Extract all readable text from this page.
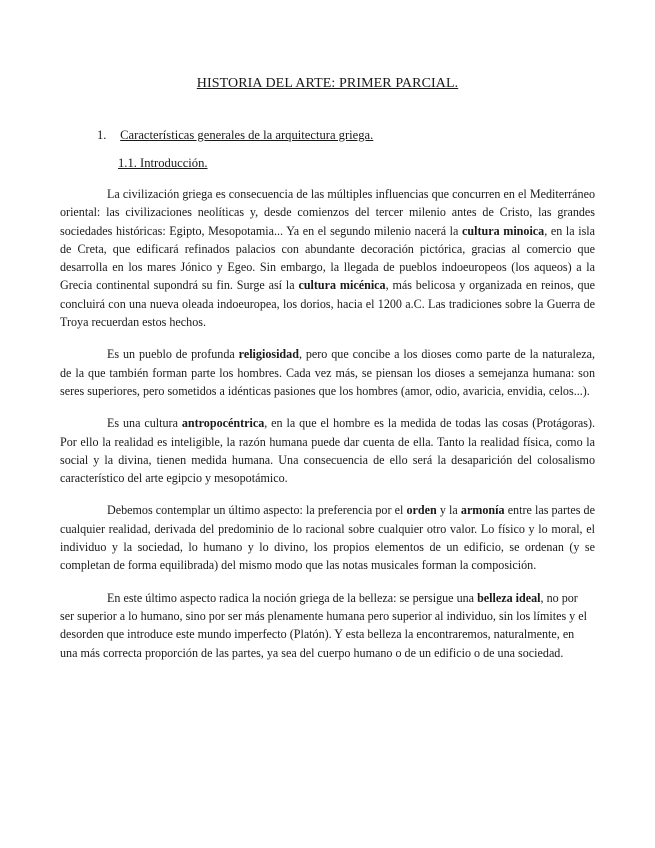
HISTORIA DEL ARTE: PRIMER PARCIAL.
1. Características generales de la arquitectura griega.
1.1. Introducción.

La civilización griega es consecuencia de las múltiples influencias que concurren en el Mediterráneo oriental: las civilizaciones neolíticas y, desde comienzos del tercer milenio antes de Cristo, las grandes sociedades históricas: Egipto, Mesopotamia... Ya en el segundo milenio nacerá la cultura minoica, en la isla de Creta, que edificará refinados palacios con abundante decoración pictórica, gracias al comercio que desarrolla en los mares Jónico y Egeo. Sin embargo, la llegada de pueblos indoeuropeos (los aqueos) a la Grecia continental supondrá su fin. Surge así la cultura micénica, más belicosa y organizada en reinos, que concluirá con una nueva oleada indoeuropea, los dorios, hacia el 1200 a.C. Las tradiciones sobre la Guerra de Troya recuerdan estos hechos.

Es un pueblo de profunda religiosidad, pero que concibe a los dioses como parte de la naturaleza, de la que también forman parte los hombres. Cada vez más, se piensan los dioses a semejanza humana: son seres superiores, pero sometidos a idénticas pasiones que los hombres (amor, odio, avaricia, envidia, celos...).

Es una cultura antropocéntrica, en la que el hombre es la medida de todas las cosas (Protágoras). Por ello la realidad es inteligible, la razón humana puede dar cuenta de ella. Tanto la realidad física, como la social y la divina, tienen medida humana. Una consecuencia de ello será la desaparición del colosalismo característico del arte egipcio y mesopotámico.

Debemos contemplar un último aspecto: la preferencia por el orden y la armonía entre las partes de cualquier realidad, derivada del predominio de lo racional sobre cualquier otro valor. Lo físico y lo moral, el individuo y la sociedad, lo humano y lo divino, los propios elementos de un edificio, se ordenan (y se completan de forma equilibrada) del mismo modo que las notas musicales forman la composición.

En este último aspecto radica la noción griega de la belleza: se persigue una belleza ideal, no por ser superior a lo humano, sino por ser más plenamente humana pero superior al individuo, sin los límites y el desorden que introduce este mundo imperfecto (Platón). Y esta belleza la encontraremos, naturalmente, en una más correcta proporción de las partes, ya sea del cuerpo humano o de un edificio o de una sociedad.
